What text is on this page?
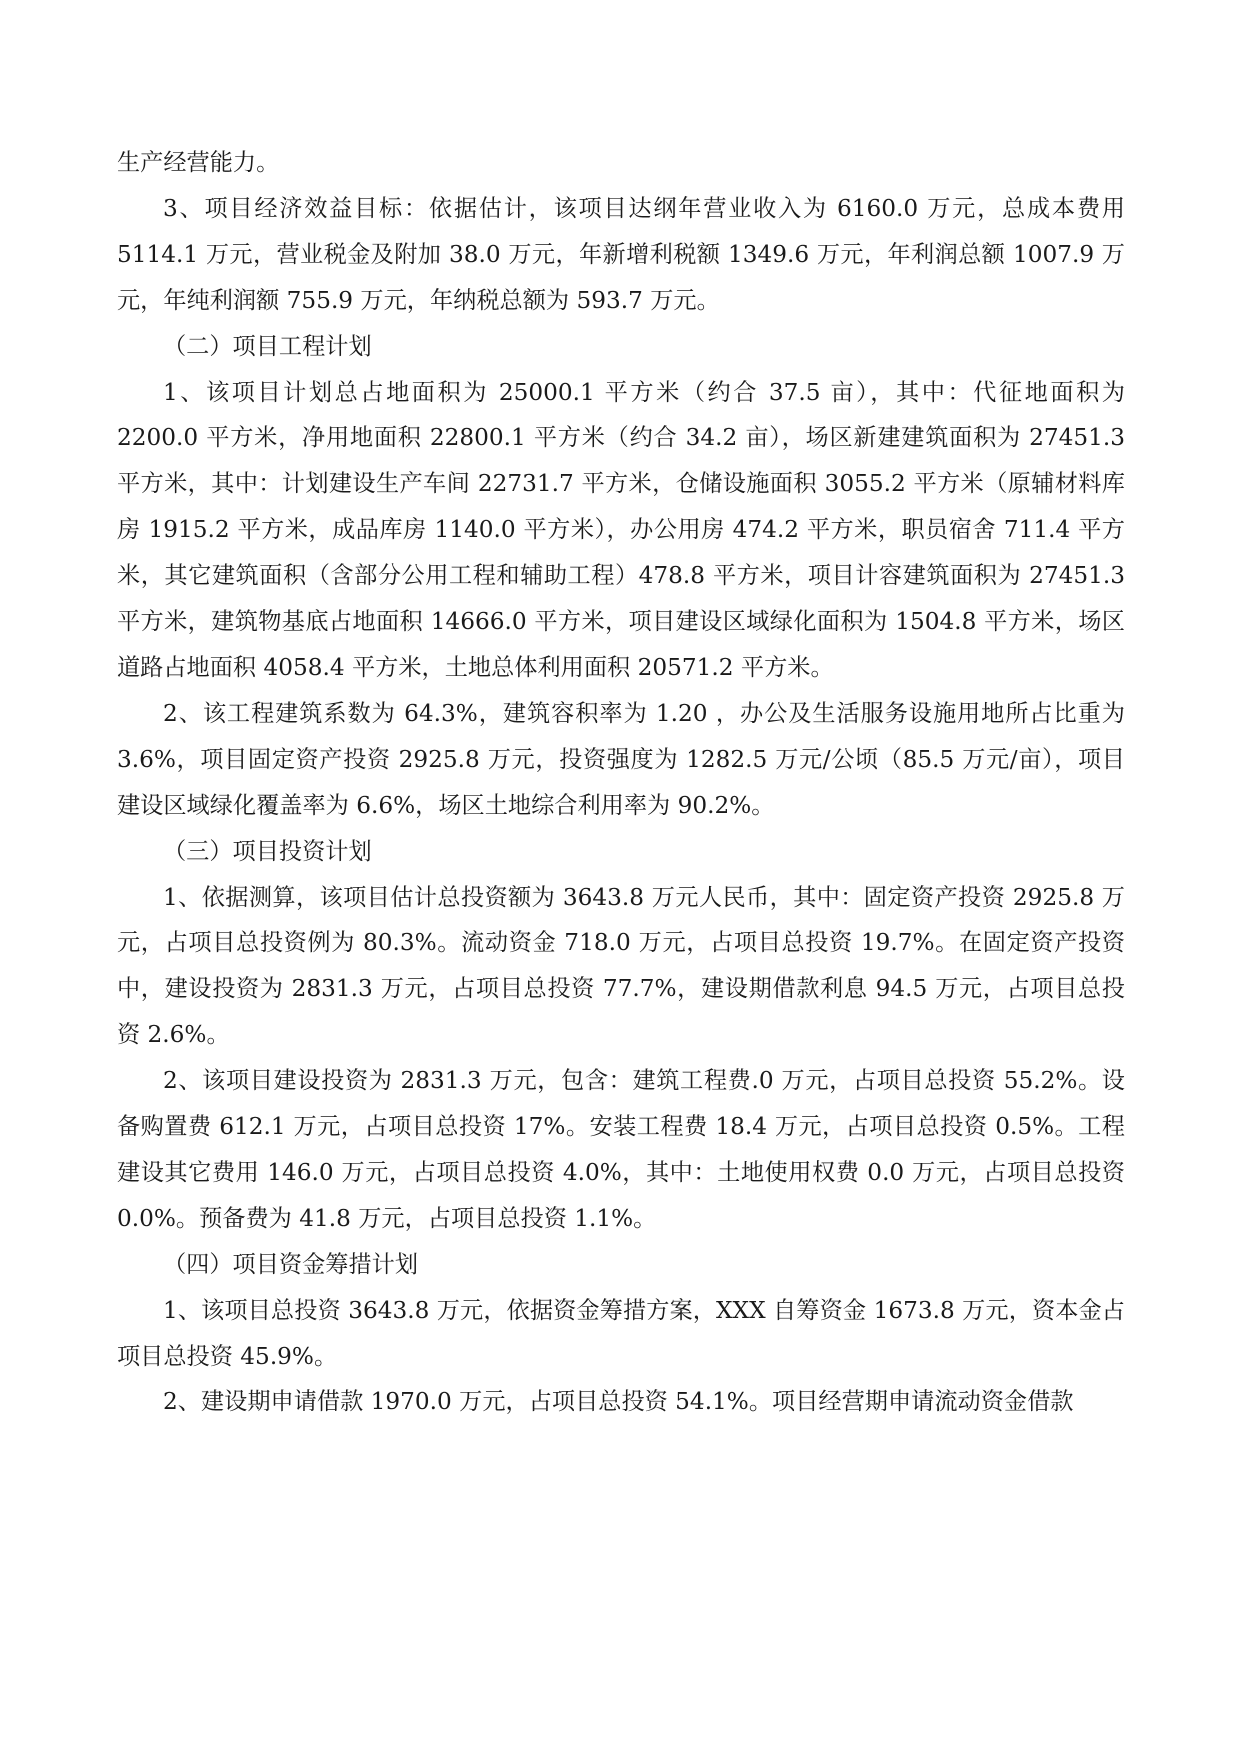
生产经营能力。

3、项目经济效益目标：依据估计，该项目达纲年营业收入为 6160.0 万元，总成本费用 5114.1 万元，营业税金及附加 38.0 万元，年新增利税额 1349.6 万元，年利润总额 1007.9 万元，年纯利润额 755.9 万元，年纳税总额为 593.7 万元。

（二）项目工程计划

1、该项目计划总占地面积为 25000.1 平方米（约合 37.5 亩），其中：代征地面积为 2200.0 平方米，净用地面积 22800.1 平方米（约合 34.2 亩），场区新建建筑面积为 27451.3 平方米，其中：计划建设生产车间 22731.7 平方米，仓储设施面积 3055.2 平方米（原辅材料库房 1915.2 平方米，成品库房 1140.0 平方米），办公用房 474.2 平方米，职员宿舍 711.4 平方米，其它建筑面积（含部分公用工程和辅助工程）478.8 平方米，项目计容建筑面积为 27451.3 平方米，建筑物基底占地面积 14666.0 平方米，项目建设区域绿化面积为 1504.8 平方米，场区道路占地面积 4058.4 平方米，土地总体利用面积 20571.2 平方米。

2、该工程建筑系数为 64.3%，建筑容积率为 1.20 ，办公及生活服务设施用地所占比重为 3.6%，项目固定资产投资 2925.8 万元，投资强度为 1282.5 万元/公顷（85.5 万元/亩），项目建设区域绿化覆盖率为 6.6%，场区土地综合利用率为 90.2%。

（三）项目投资计划

1、依据测算，该项目估计总投资额为 3643.8 万元人民币，其中：固定资产投资 2925.8 万元，占项目总投资例为 80.3%。流动资金 718.0 万元，占项目总投资 19.7%。在固定资产投资中，建设投资为 2831.3 万元，占项目总投资 77.7%，建设期借款利息 94.5 万元，占项目总投资 2.6%。

2、该项目建设投资为 2831.3 万元，包含：建筑工程费.0 万元，占项目总投资 55.2%。设备购置费 612.1 万元，占项目总投资 17%。安装工程费 18.4 万元，占项目总投资 0.5%。工程建设其它费用 146.0 万元，占项目总投资 4.0%，其中：土地使用权费 0.0 万元，占项目总投资 0.0%。预备费为 41.8 万元，占项目总投资 1.1%。

（四）项目资金筹措计划

1、该项目总投资 3643.8 万元，依据资金筹措方案，XXX 自筹资金 1673.8 万元，资本金占项目总投资 45.9%。

2、建设期申请借款 1970.0 万元，占项目总投资 54.1%。项目经营期申请流动资金借款
